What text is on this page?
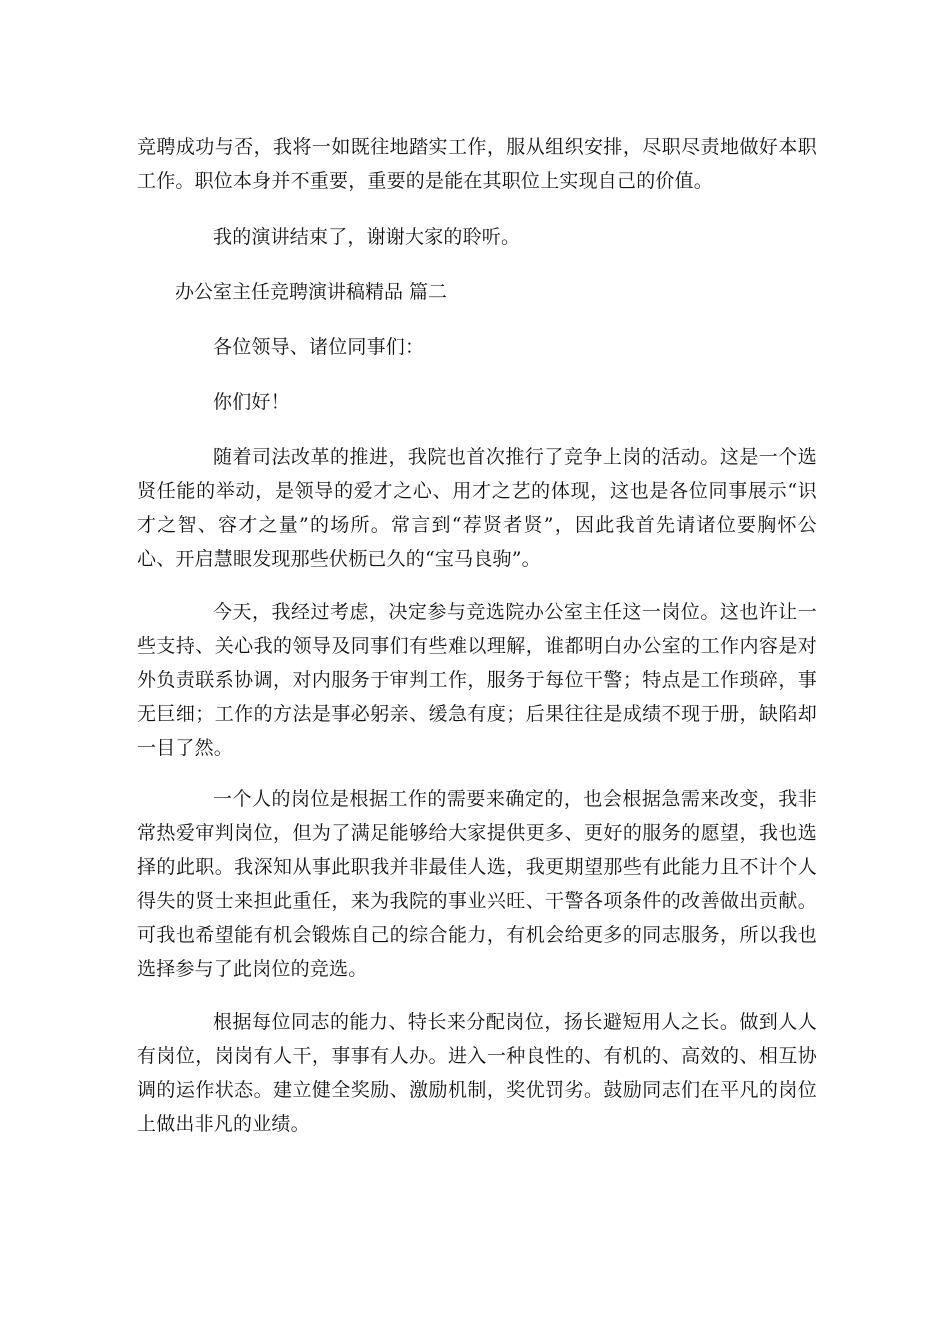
竞聘成功与否，我将一如既往地踏实工作，服从组织安排，尽职尽责地做好本职工作。职位本身并不重要，重要的是能在其职位上实现自己的价值。

我的演讲结束了，谢谢大家的聆听。

办公室主任竞聘演讲稿精品 篇二

各位领导、诸位同事们：

你们好！

随着司法改革的推进，我院也首次推行了竞争上岗的活动。这是一个选贤任能的举动，是领导的爱才之心、用才之艺的体现，这也是各位同事展示“识才之智、容才之量”的场所。常言到“荐贤者贤”，因此我首先请诸位要胸怀公心、开启慧眼发现那些伏枥已久的“宝马良驹”。

今天，我经过考虑，决定参与竞选院办公室主任这一岗位。这也许让一些支持、关心我的领导及同事们有些难以理解，谁都明白办公室的工作内容是对外负责联系协调，对内服务于审判工作，服务于每位干警；特点是工作琐碎，事无巨细；工作的方法是事必躬亲、缓急有度；后果往往是成绩不现于册，缺陷却一目了然。

一个人的岗位是根据工作的需要来确定的，也会根据急需来改变，我非常热爱审判岗位，但为了满足能够给大家提供更多、更好的服务的愿望，我也选择的此职。我深知从事此职我并非最佳人选，我更期望那些有此能力且不计个人得失的贤士来担此重任，来为我院的事业兴旺、干警各项条件的改善做出贡献。可我也希望能有机会锻炼自己的综合能力，有机会给更多的同志服务，所以我也选择参与了此岗位的竞选。

根据每位同志的能力、特长来分配岗位，扬长避短用人之长。做到人人有岗位，岗岗有人干，事事有人办。进入一种良性的、有机的、高效的、相互协调的运作状态。建立健全奖励、激励机制，奖优罚劣。鼓励同志们在平凡的岗位上做出非凡的业绩。
